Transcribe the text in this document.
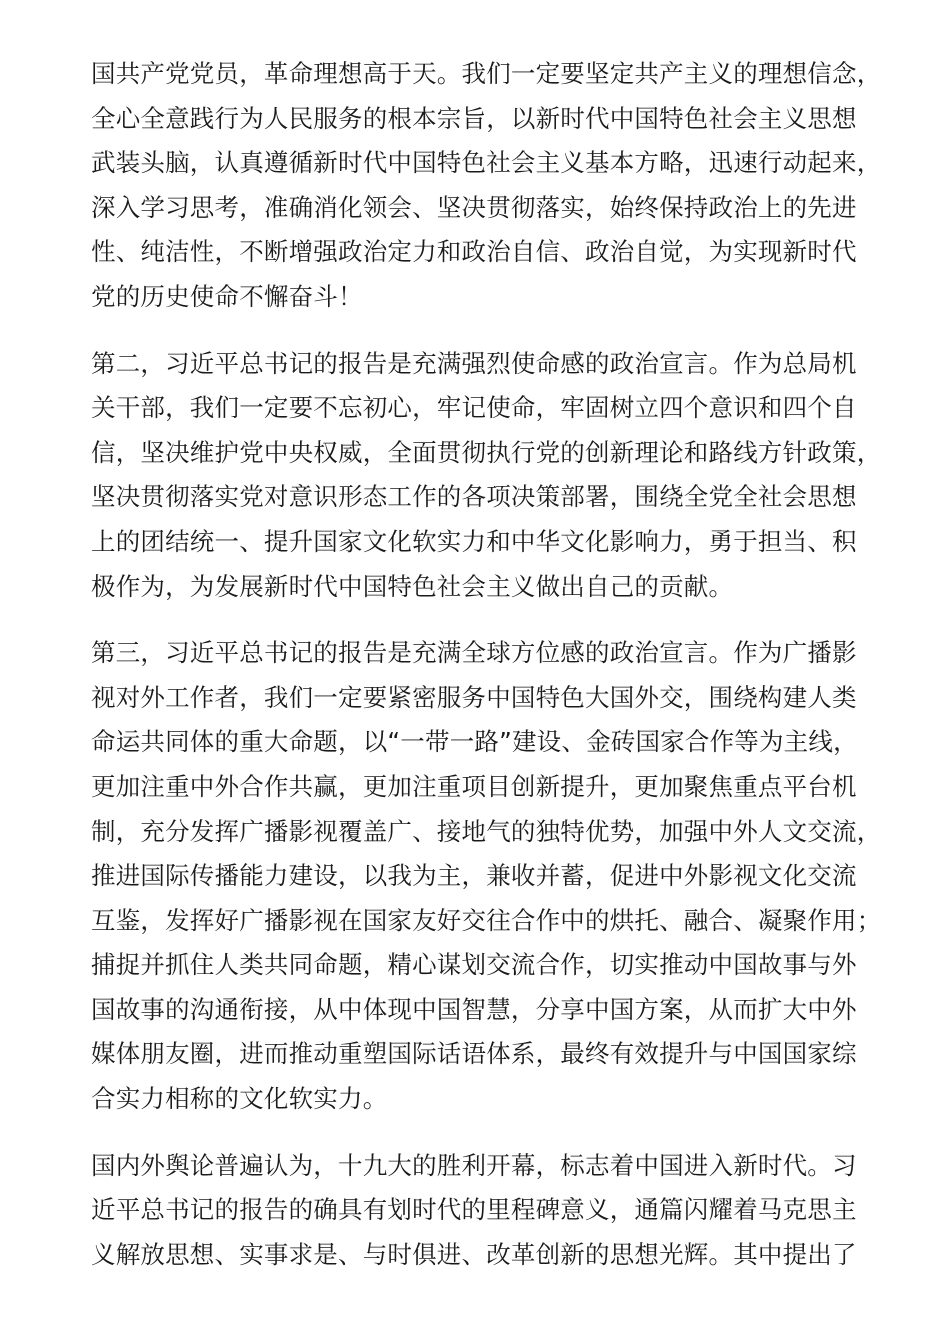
国共产党党员，革命理想高于天。我们一定要坚定共产主义的理想信念，
全心全意践行为人民服务的根本宗旨，以新时代中国特色社会主义思想
武装头脑，认真遵循新时代中国特色社会主义基本方略，迅速行动起来，
深入学习思考，准确消化领会、坚决贯彻落实，始终保持政治上的先进
性、纯洁性，不断增强政治定力和政治自信、政治自觉，为实现新时代
党的历史使命不懈奋斗！

第二，习近平总书记的报告是充满强烈使命感的政治宣言。作为总局机
关干部，我们一定要不忘初心，牢记使命，牢固树立四个意识和四个自
信，坚决维护党中央权威，全面贯彻执行党的创新理论和路线方针政策，
坚决贯彻落实党对意识形态工作的各项决策部署，围绕全党全社会思想
上的团结统一、提升国家文化软实力和中华文化影响力，勇于担当、积
极作为，为发展新时代中国特色社会主义做出自己的贡献。

第三，习近平总书记的报告是充满全球方位感的政治宣言。作为广播影
视对外工作者，我们一定要紧密服务中国特色大国外交，围绕构建人类
命运共同体的重大命题，以“一带一路”建设、金砖国家合作等为主线，
更加注重中外合作共赢，更加注重项目创新提升，更加聚焦重点平台机
制，充分发挥广播影视覆盖广、接地气的独特优势，加强中外人文交流，
推进国际传播能力建设，以我为主，兼收并蓄，促进中外影视文化交流
互鉴，发挥好广播影视在国家友好交往合作中的烘托、融合、凝聚作用；
捕捉并抓住人类共同命题，精心谋划交流合作，切实推动中国故事与外
国故事的沟通衔接，从中体现中国智慧，分享中国方案，从而扩大中外
媒体朋友圈，进而推动重塑国际话语体系，最终有效提升与中国国家综
合实力相称的文化软实力。

国内外舆论普遍认为，十九大的胜利开幕，标志着中国进入新时代。习
近平总书记的报告的确具有划时代的里程碑意义，通篇闪耀着马克思主
义解放思想、实事求是、与时俱进、改革创新的思想光辉。其中提出了
